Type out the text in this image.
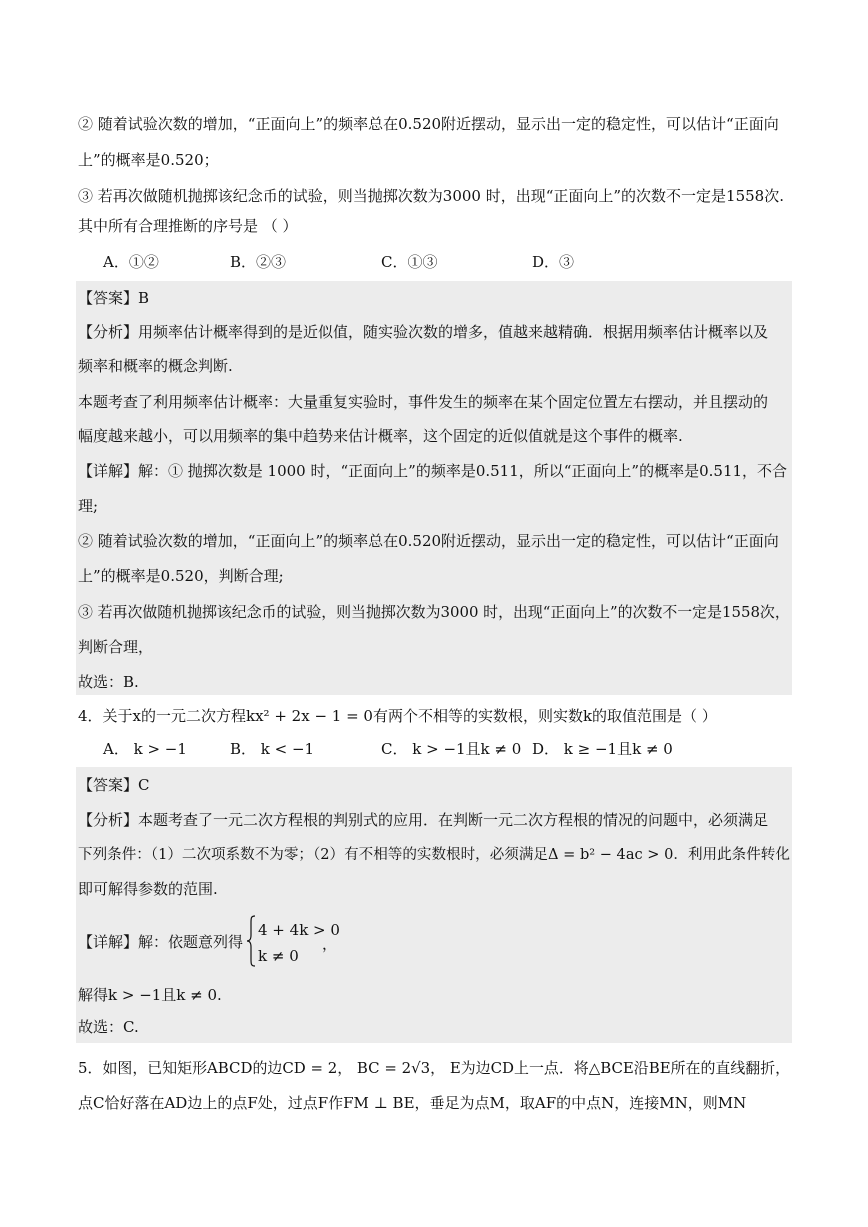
② 随着试验次数的增加，“正面向上”的频率总在0.520附近摆动，显示出一定的稳定性，可以估计“正面向
上”的概率是0.520；
③ 若再次做随机抛掷该纪念币的试验，则当抛掷次数为3000 时，出现“正面向上”的次数不一定是1558次.
其中所有合理推断的序号是 （ ）
A．①②	B．②③	C．①③	D．③
【答案】B
【分析】用频率估计概率得到的是近似值，随实验次数的增多，值越来越精确．根据用频率估计概率以及
频率和概率的概念判断.
本题考查了利用频率估计概率：大量重复实验时，事件发生的频率在某个固定位置左右摆动，并且摆动的
幅度越来越小，可以用频率的集中趋势来估计概率，这个固定的近似值就是这个事件的概率.
【详解】解：① 抛掷次数是 1000 时，“正面向上”的频率是0.511，所以“正面向上”的概率是0.511，不合
理;
② 随着试验次数的增加，“正面向上”的频率总在0.520附近摆动，显示出一定的稳定性，可以估计“正面向
上”的概率是0.520，判断合理;
③ 若再次做随机抛掷该纪念币的试验，则当抛掷次数为3000 时，出现“正面向上”的次数不一定是1558次，
判断合理，
故选：B.
4．关于x的一元二次方程kx² + 2x − 1 = 0有两个不相等的实数根，则实数k的取值范围是（ ）
A． k > −1	B． k < −1	C． k > −1且k ≠ 0 D． k ≥ −1且k ≠ 0
【答案】C
【分析】本题考查了一元二次方程根的判别式的应用．在判断一元二次方程根的情况的问题中，必须满足
下列条件：（1）二次项系数不为零；（2）有不相等的实数根时，必须满足Δ = b² − 4ac > 0．利用此条件转化
即可解得参数的范围.
【详解】解：依题意列得
4 + 4k > 0
k ≠ 0
，
解得k > −1且k ≠ 0.
故选：C.
5．如图，已知矩形ABCD的边CD = 2， BC = 2√3， E为边CD上一点．将△BCE沿BE所在的直线翻折，
点C恰好落在AD边上的点F处，过点F作FM ⊥ BE，垂足为点M，取AF的中点N，连接MN，则MN
